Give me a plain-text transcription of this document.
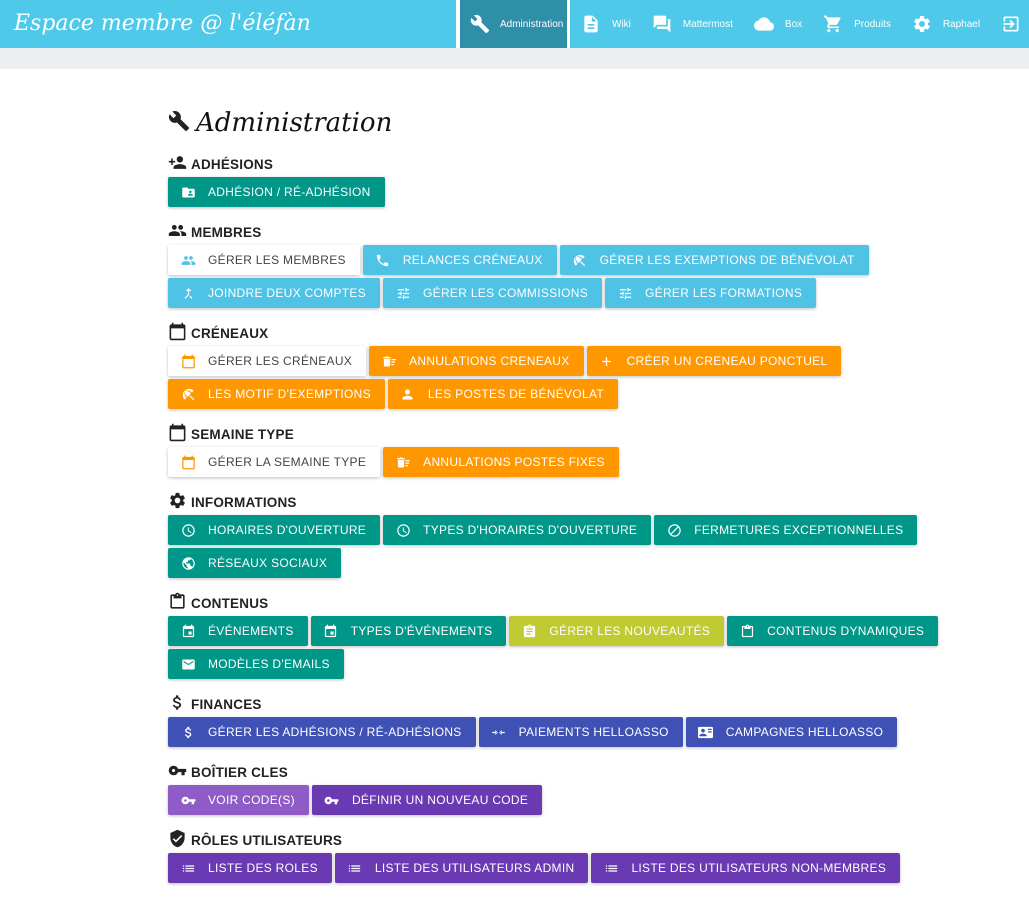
Espace membre @ l'éléfàn	Administration	Wiki	Mattermost	Box	Produits	Raphael
Administration
ADHÉSIONS
ADHÉSION / RÉ-ADHÉSION
MEMBRES
GÉRER LES MEMBRES	RELANCES CRÉNEAUX	GÉRER LES EXEMPTIONS DE BÉNÉVOLAT
JOINDRE DEUX COMPTES	GÉRER LES COMMISSIONS	GÉRER LES FORMATIONS
CRÉNEAUX
GÉRER LES CRÉNEAUX	ANNULATIONS CRENEAUX	CRÉER UN CRENEAU PONCTUEL
LES MOTIF D'EXEMPTIONS	LES POSTES DE BÉNÉVOLAT
SEMAINE TYPE
GÉRER LA SEMAINE TYPE	ANNULATIONS POSTES FIXES
INFORMATIONS
HORAIRES D'OUVERTURE	TYPES D'HORAIRES D'OUVERTURE	FERMETURES EXCEPTIONNELLES
RÉSEAUX SOCIAUX
CONTENUS
ÉVÉNEMENTS	TYPES D'ÉVÉNEMENTS	GÉRER LES NOUVEAUTÉS	CONTENUS DYNAMIQUES
MODÈLES D'EMAILS
FINANCES
GÉRER LES ADHÉSIONS / RÉ-ADHÉSIONS	PAIEMENTS HELLOASSO	CAMPAGNES HELLOASSO
BOÎTIER CLES
VOIR CODE(S)	DÉFINIR UN NOUVEAU CODE
RÔLES UTILISATEURS
LISTE DES ROLES	LISTE DES UTILISATEURS ADMIN	LISTE DES UTILISATEURS NON-MEMBRES
